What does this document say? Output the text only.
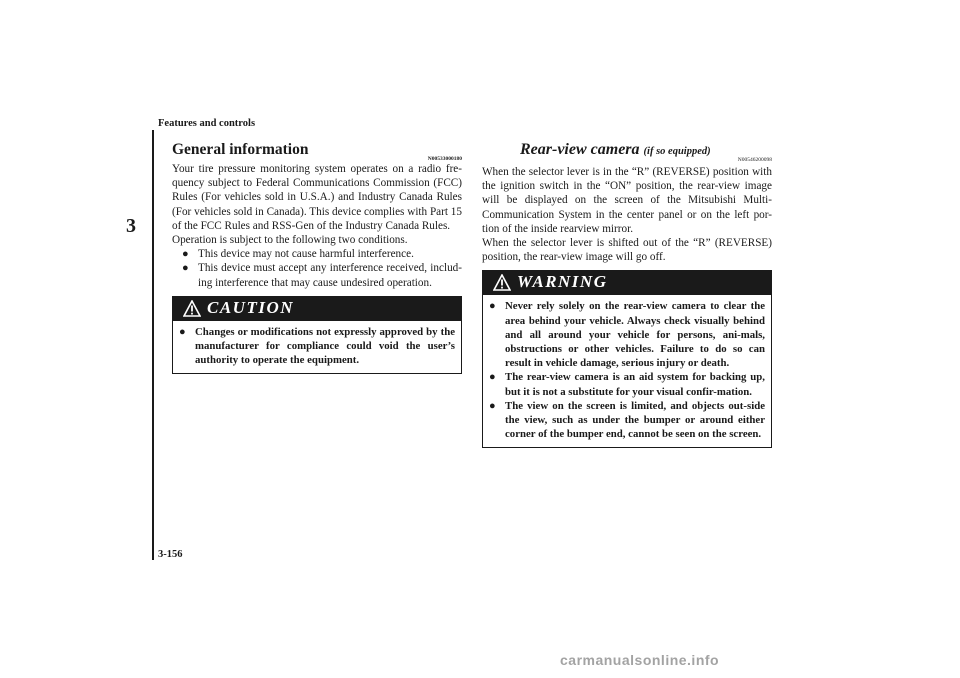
Features and controls
3
3-156
General information
N00533000180

Your tire pressure monitoring system operates on a radio fre-quency subject to Federal Communications Commission (FCC) Rules (For vehicles sold in U.S.A.) and Industry Canada Rules (For vehicles sold in Canada). This device complies with Part 15 of the FCC Rules and RSS-Gen of the Industry Canada Rules.

Operation is subject to the following two conditions.

● This device may not cause harmful interference.
● This device must accept any interference received, includ-ing interference that may cause undesired operation.
CAUTION
● Changes or modifications not expressly approved by the manufacturer for compliance could void the user’s authority to operate the equipment.
Rear-view camera (if so equipped)
N00546200098

When the selector lever is in the “R” (REVERSE) position with the ignition switch in the “ON” position, the rear-view image will be displayed on the screen of the Mitsubishi Multi-Communication System in the center panel or on the left por-tion of the inside rearview mirror.

When the selector lever is shifted out of the “R” (REVERSE) position, the rear-view image will go off.

WARNING
● Never rely solely on the rear-view camera to clear the area behind your vehicle. Always check visually behind and all around your vehicle for persons, ani-mals, obstructions or other vehicles. Failure to do so can result in vehicle damage, serious injury or death.
● The rear-view camera is an aid system for backing up, but it is not a substitute for your visual confir-mation.
● The view on the screen is limited, and objects out-side the view, such as under the bumper or around either corner of the bumper end, cannot be seen on the screen.
carmanualsonline.info
